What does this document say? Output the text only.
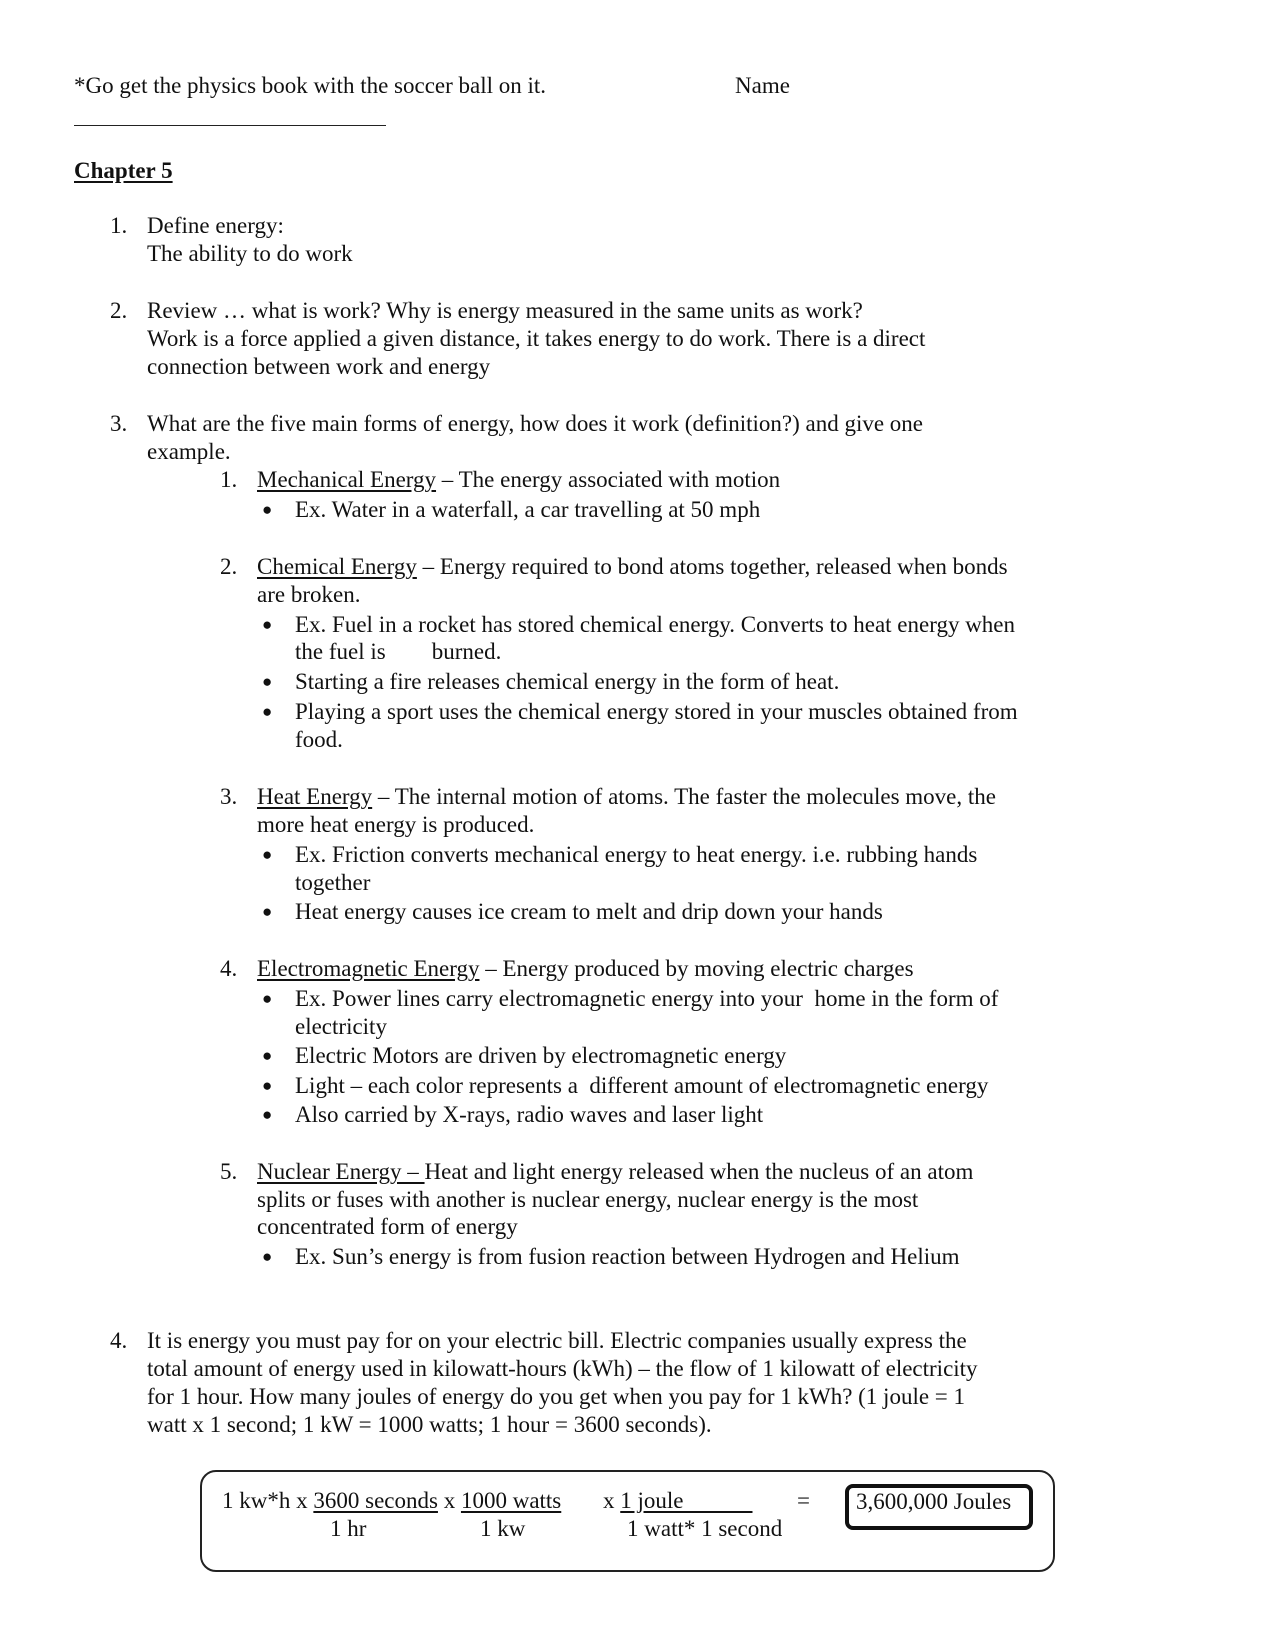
*Go get the physics book with the soccer ball on it.	Name
Chapter 5
1. Define energy:
The ability to do work
2. Review … what is work? Why is energy measured in the same units as work?
Work is a force applied a given distance, it takes energy to do work. There is a direct
connection between work and energy
3. What are the five main forms of energy, how does it work (definition?) and give one
example.
1. Mechanical Energy – The energy associated with motion
● Ex. Water in a waterfall, a car travelling at 50 mph
2. Chemical Energy – Energy required to bond atoms together, released when bonds
are broken.
● Ex. Fuel in a rocket has stored chemical energy. Converts to heat energy when
the fuel is        burned.
● Starting a fire releases chemical energy in the form of heat.
● Playing a sport uses the chemical energy stored in your muscles obtained from
food.
3. Heat Energy – The internal motion of atoms. The faster the molecules move, the
more heat energy is produced.
● Ex. Friction converts mechanical energy to heat energy. i.e. rubbing hands
together
● Heat energy causes ice cream to melt and drip down your hands
4. Electromagnetic Energy – Energy produced by moving electric charges
● Ex. Power lines carry electromagnetic energy into your  home in the form of
electricity
● Electric Motors are driven by electromagnetic energy
● Light – each color represents a  different amount of electromagnetic energy
● Also carried by X-rays, radio waves and laser light
5. Nuclear Energy – Heat and light energy released when the nucleus of an atom
splits or fuses with another is nuclear energy, nuclear energy is the most
concentrated form of energy
● Ex. Sun’s energy is from fusion reaction between Hydrogen and Helium
4. It is energy you must pay for on your electric bill. Electric companies usually express the
total amount of energy used in kilowatt-hours (kWh) – the flow of 1 kilowatt of electricity
for 1 hour. How many joules of energy do you get when you pay for 1 kWh? (1 joule = 1
watt x 1 second; 1 kW = 1000 watts; 1 hour = 3600 seconds).
1 kw*h x 3600 seconds x 1000 watts x 1 joule =
1 hr	1 kw	1 watt* 1 second
3,600,000 Joules
